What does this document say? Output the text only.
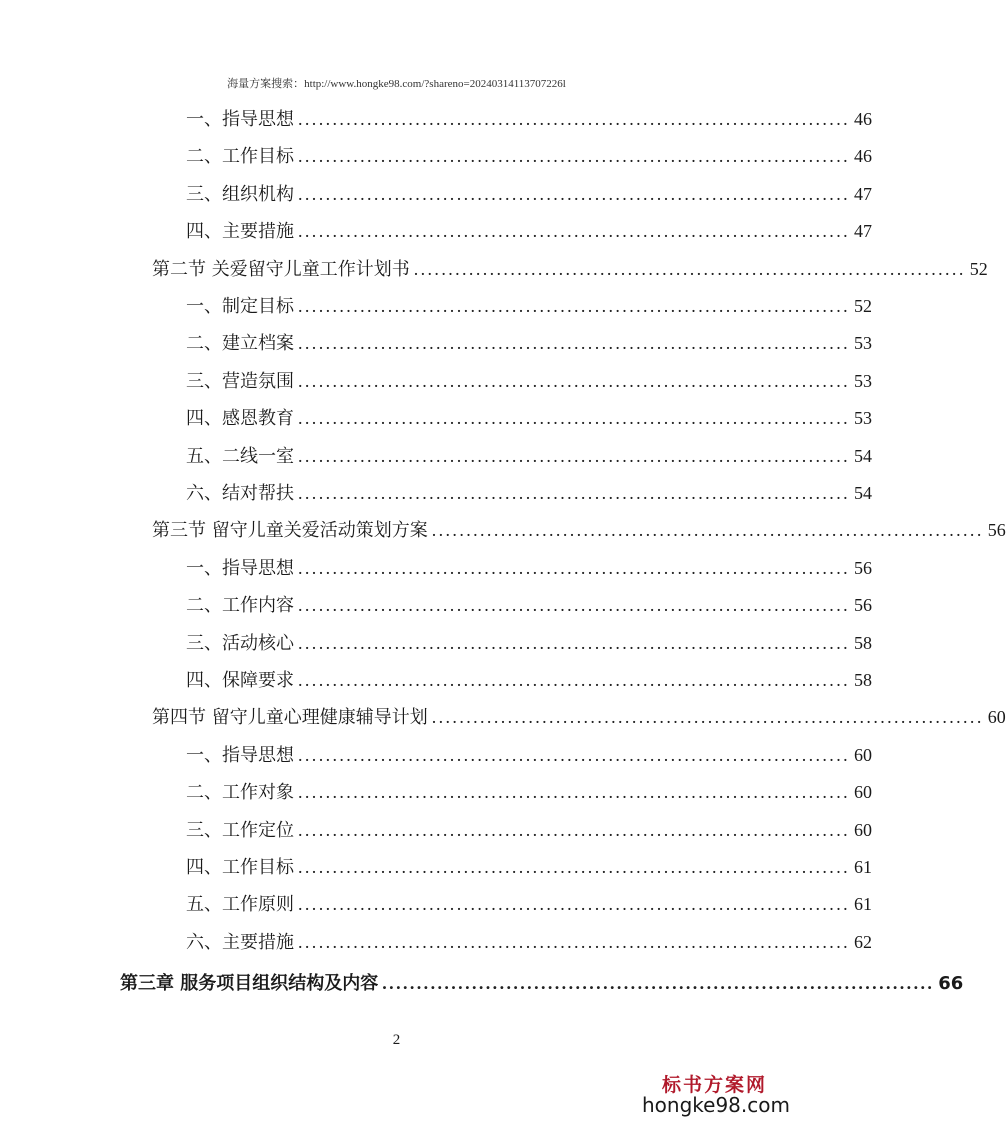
海量方案搜索：http://www.hongke98.com/?shareno=20240314113707226l
一、指导思想 ................................................................................ 46
二、工作目标 ................................................................................ 46
三、组织机构 ................................................................................ 47
四、主要措施 ................................................................................ 47
第二节 关爱留守儿童工作计划书 ................................................................................ 52
一、制定目标 ................................................................................ 52
二、建立档案 ................................................................................ 53
三、营造氛围 ................................................................................ 53
四、感恩教育 ................................................................................ 53
五、二线一室 ................................................................................ 54
六、结对帮扶 ................................................................................ 54
第三节 留守儿童关爱活动策划方案 ................................................................................ 56
一、指导思想 ................................................................................ 56
二、工作内容 ................................................................................ 56
三、活动核心 ................................................................................ 58
四、保障要求 ................................................................................ 58
第四节 留守儿童心理健康辅导计划 ................................................................................ 60
一、指导思想 ................................................................................ 60
二、工作对象 ................................................................................ 60
三、工作定位 ................................................................................ 60
四、工作目标 ................................................................................ 61
五、工作原则 ................................................................................ 61
六、主要措施 ................................................................................ 62
第三章 服务项目组织结构及内容 ................................................................................ 66
2
标书方案网
hongke98.com
